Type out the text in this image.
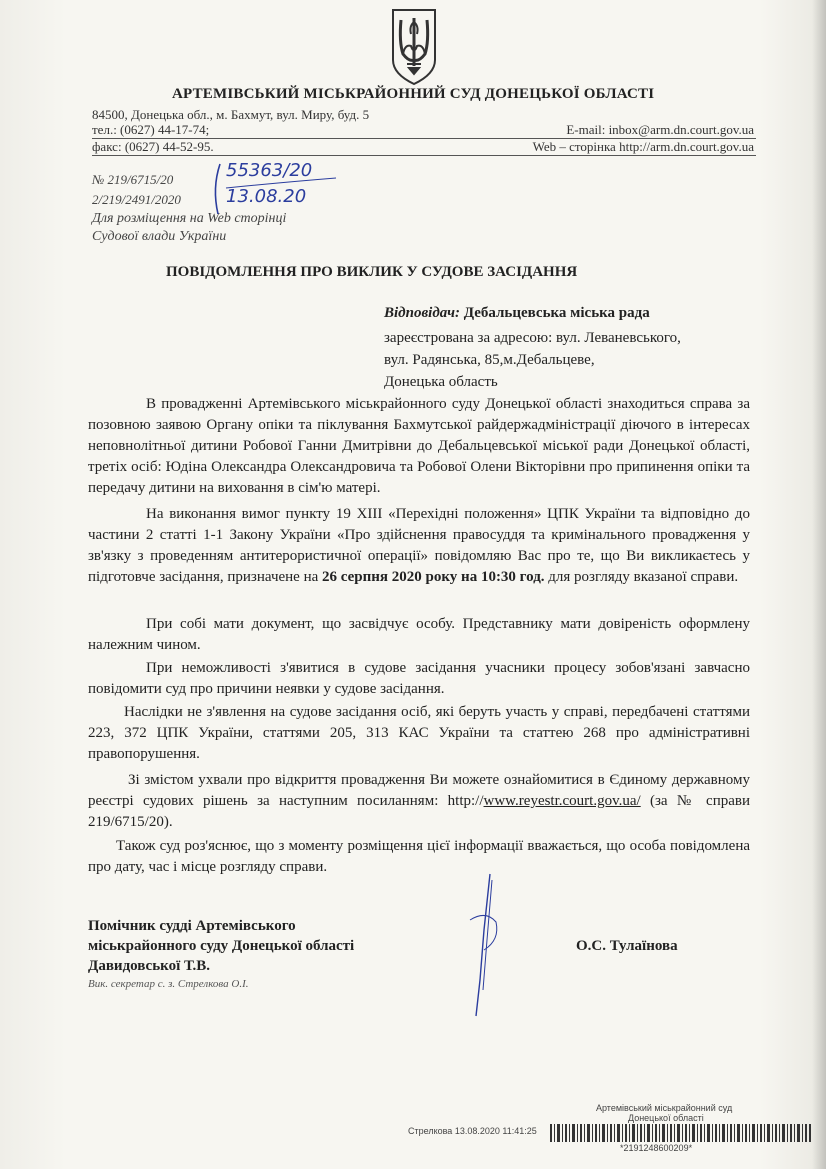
АРТЕМІВСЬКИЙ МІСЬКРАЙОННИЙ СУД ДОНЕЦЬКОЇ ОБЛАСТІ
84500, Донецька обл., м. Бахмут, вул. Миру, буд. 5
тел.: (0627) 44-17-74;	E-mail: inbox@arm.dn.court.gov.ua
факс: (0627) 44-52-95.	Web – сторінка http://arm.dn.court.gov.ua
№ 219/6715/20
2/219/2491/2020
Для розміщення на Web сторінці
Судової влади України
55363/20
13.08.20
ПОВІДОМЛЕННЯ ПРО ВИКЛИК У СУДОВЕ ЗАСІДАННЯ
Відповідач: Дебальцевська міська рада
зареєстрована за адресою: вул. Леваневського,
вул. Радянська, 85,м.Дебальцеве,
Донецька область

В провадженні Артемівського міськрайонного суду Донецької області знаходиться справа за позовною заявою Органу опіки та піклування Бахмутської райдержадміністрації діючого в інтересах неповнолітньої дитини Робової Ганни Дмитрівни до Дебальцевської міської ради Донецької області, третіх осіб: Юдіна Олександра Олександровича та Робової Олени Вікторівни про припинення опіки та передачу дитини на виховання в сім'ю матері.

На виконання вимог пункту 19 XIII «Перехідні положення» ЦПК України та відповідно до частини 2 статті 1-1 Закону України «Про здійснення правосуддя та кримінального провадження у зв'язку з проведенням антитерористичної операції» повідомляю Вас про те, що Ви викликаєтесь у підготовче засідання, призначене на 26 серпня 2020 року на 10:30 год. для розгляду вказаної справи.

При собі мати документ, що засвідчує особу. Представнику мати довіреність оформлену належним чином.

При неможливості з'явитися в судове засідання учасники процесу зобов'язані завчасно повідомити суд про причини неявки у судове засідання.

Наслідки не з'явлення на судове засідання осіб, які беруть участь у справі, передбачені статтями 223, 372 ЦПК України, статтями 205, 313 КАС України та статтею 268 про адміністративні правопорушення.

Зі змістом ухвали про відкриття провадження Ви можете ознайомитися в Єдиному державному реєстрі судових рішень за наступним посиланням: http://www.reyestr.court.gov.ua/ (за № справи 219/6715/20).

Також суд роз'яснює, що з моменту розміщення цієї інформації вважається, що особа повідомлена про дату, час і місце розгляду справи.

Помічник судді Артемівського
міськрайонного суду Донецької області
Давидовської Т.В.
О.С. Тулаїнова
Вик. секретар с. з. Стрелкова О.І.
Артемівський міськрайонний суд
Донецької області
Стрелкова 13.08.2020 11:41:25
*2191248600209*
